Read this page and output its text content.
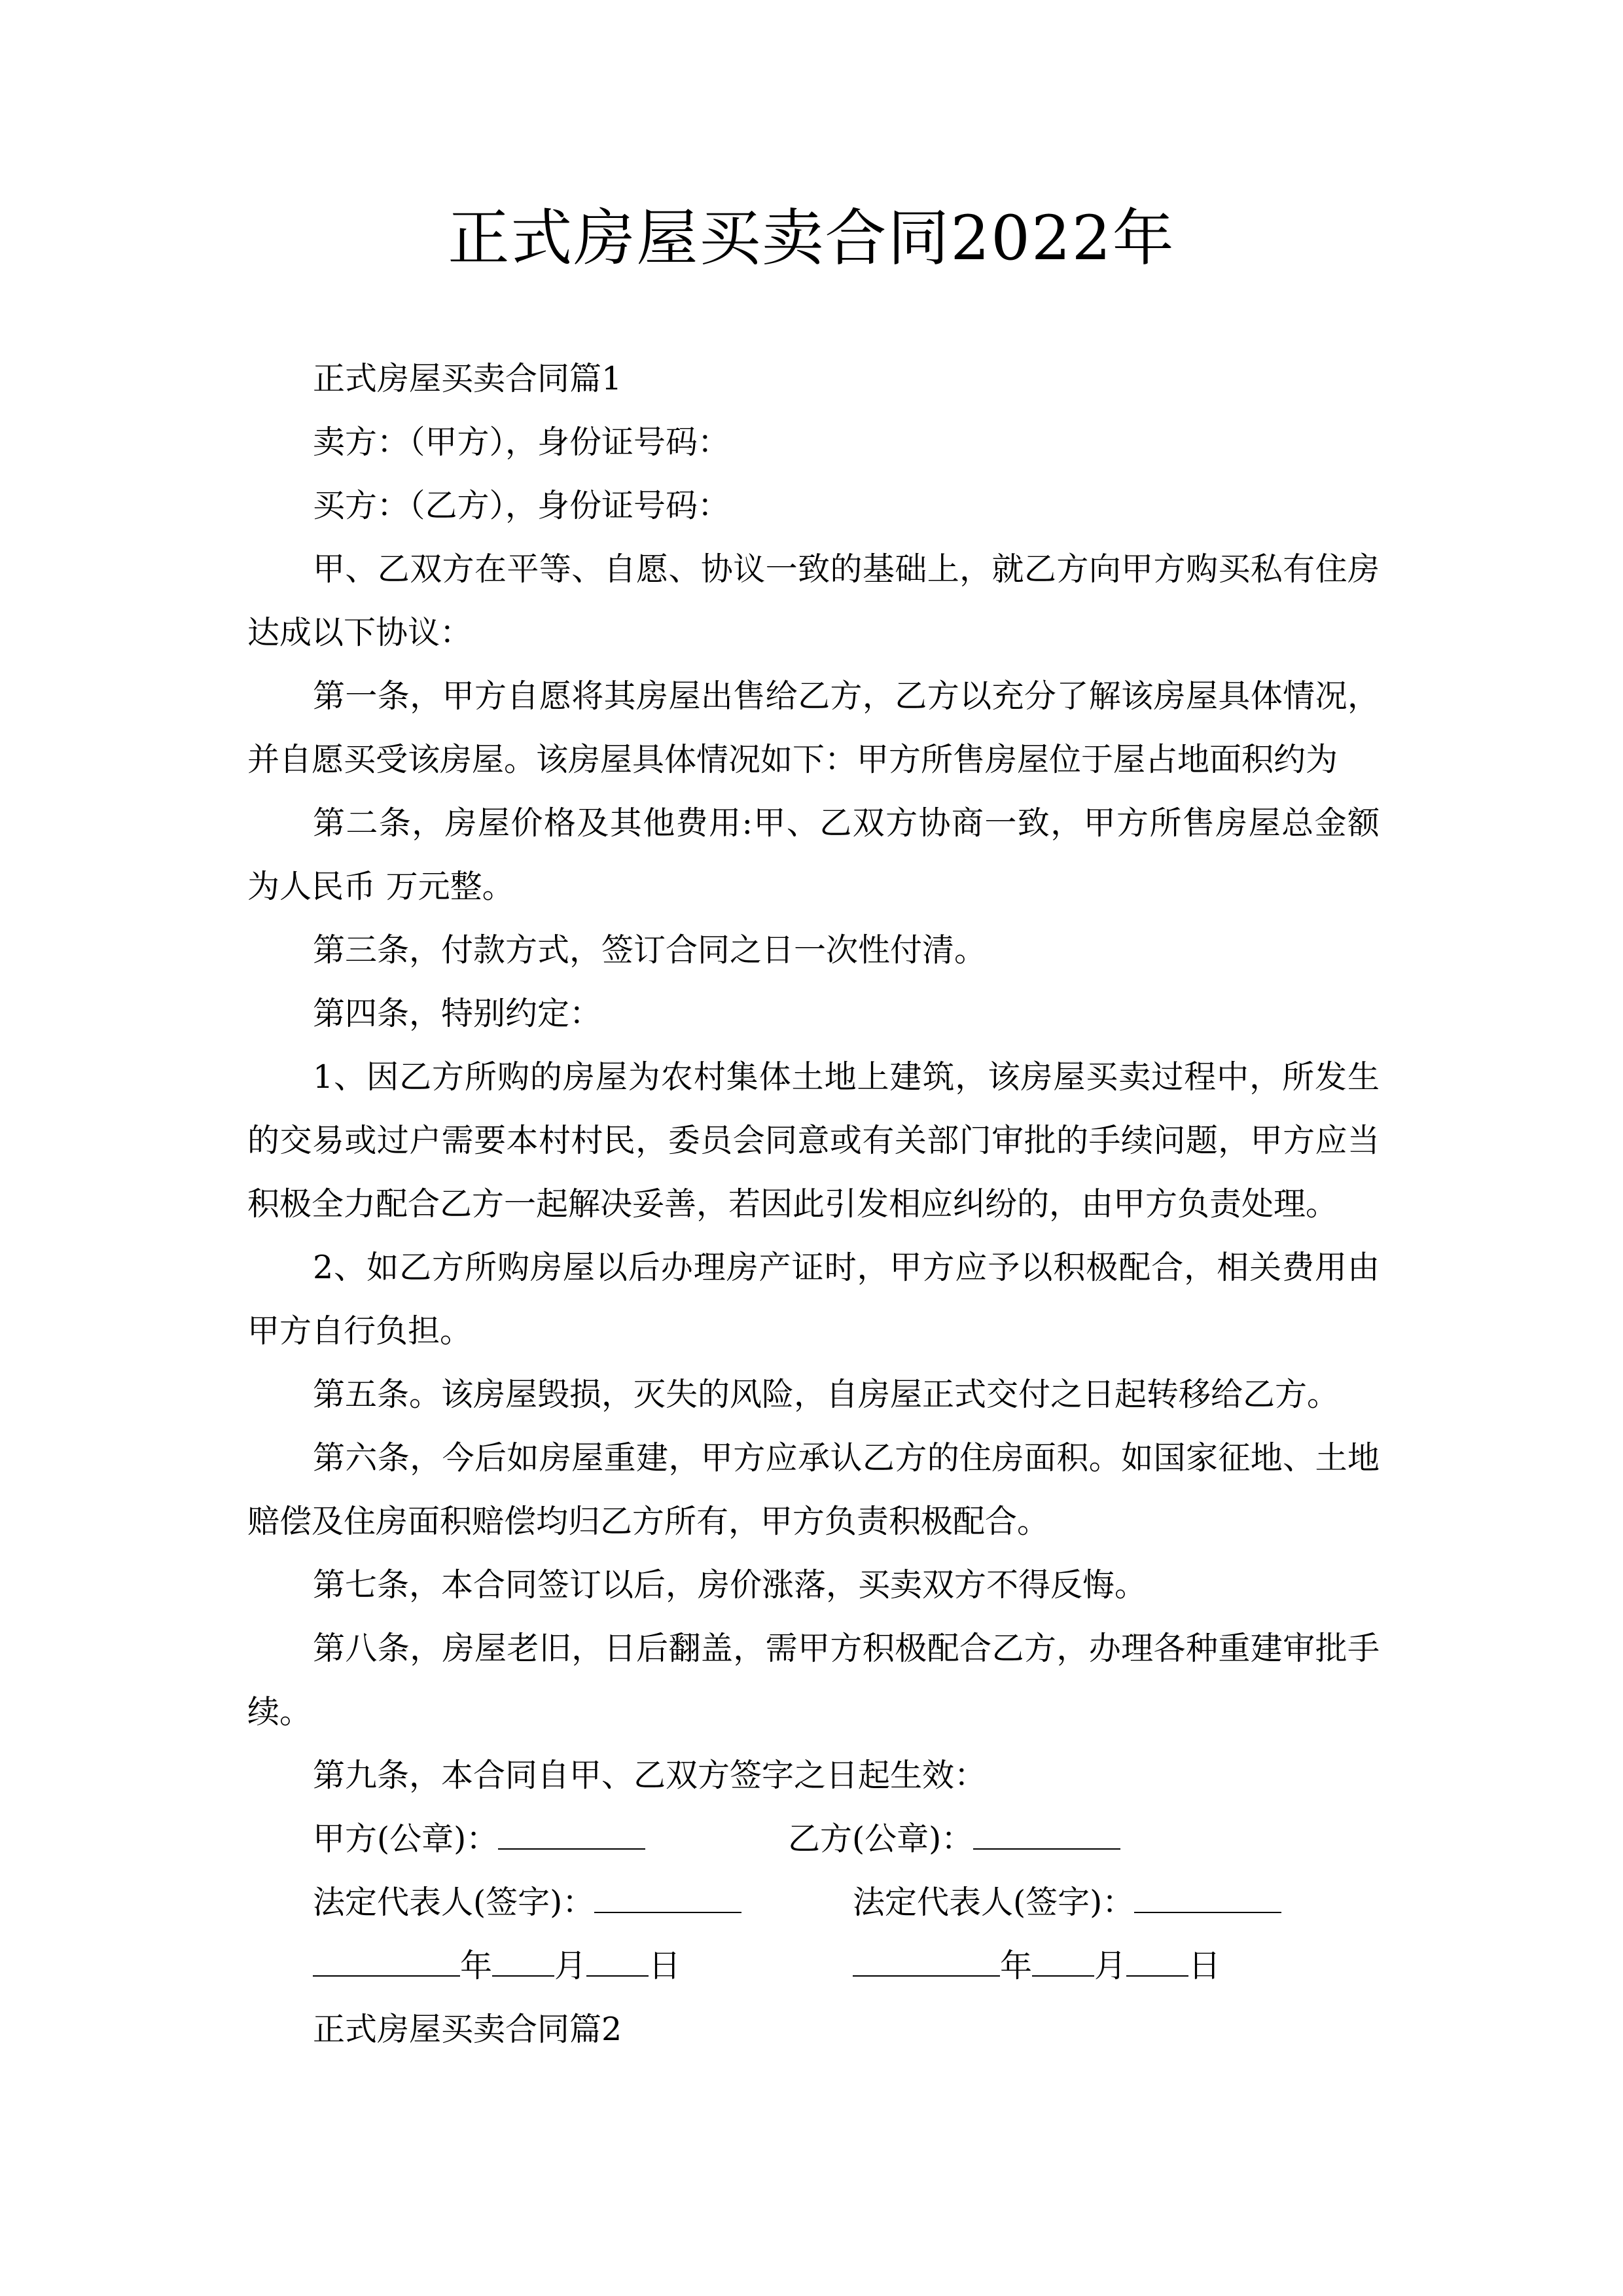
正式房屋买卖合同2022年

正式房屋买卖合同篇1

卖方：（甲方），身份证号码：

买方：（乙方），身份证号码：

甲、乙双方在平等、自愿、协议一致的基础上，就乙方向甲方购买私有住房达成以下协议：

第一条，甲方自愿将其房屋出售给乙方，乙方以充分了解该房屋具体情况，并自愿买受该房屋。该房屋具体情况如下：甲方所售房屋位于屋占地面积约为

第二条，房屋价格及其他费用:甲、乙双方协商一致，甲方所售房屋总金额为人民币 万元整。

第三条，付款方式，签订合同之日一次性付清。

第四条，特别约定：

1、因乙方所购的房屋为农村集体土地上建筑，该房屋买卖过程中，所发生的交易或过户需要本村村民，委员会同意或有关部门审批的手续问题，甲方应当积极全力配合乙方一起解决妥善，若因此引发相应纠纷的，由甲方负责处理。

2、如乙方所购房屋以后办理房产证时，甲方应予以积极配合，相关费用由甲方自行负担。

第五条。该房屋毁损，灭失的风险，自房屋正式交付之日起转移给乙方。

第六条，今后如房屋重建，甲方应承认乙方的住房面积。如国家征地、土地赔偿及住房面积赔偿均归乙方所有，甲方负责积极配合。

第七条，本合同签订以后，房价涨落，买卖双方不得反悔。

第八条，房屋老旧，日后翻盖，需甲方积极配合乙方，办理各种重建审批手续。

第九条，本合同自甲、乙双方签字之日起生效：

甲方(公章)：	乙方(公章)：
法定代表人(签字)：	法定代表人(签字)：
年 月 日	年 月 日

正式房屋买卖合同篇2
